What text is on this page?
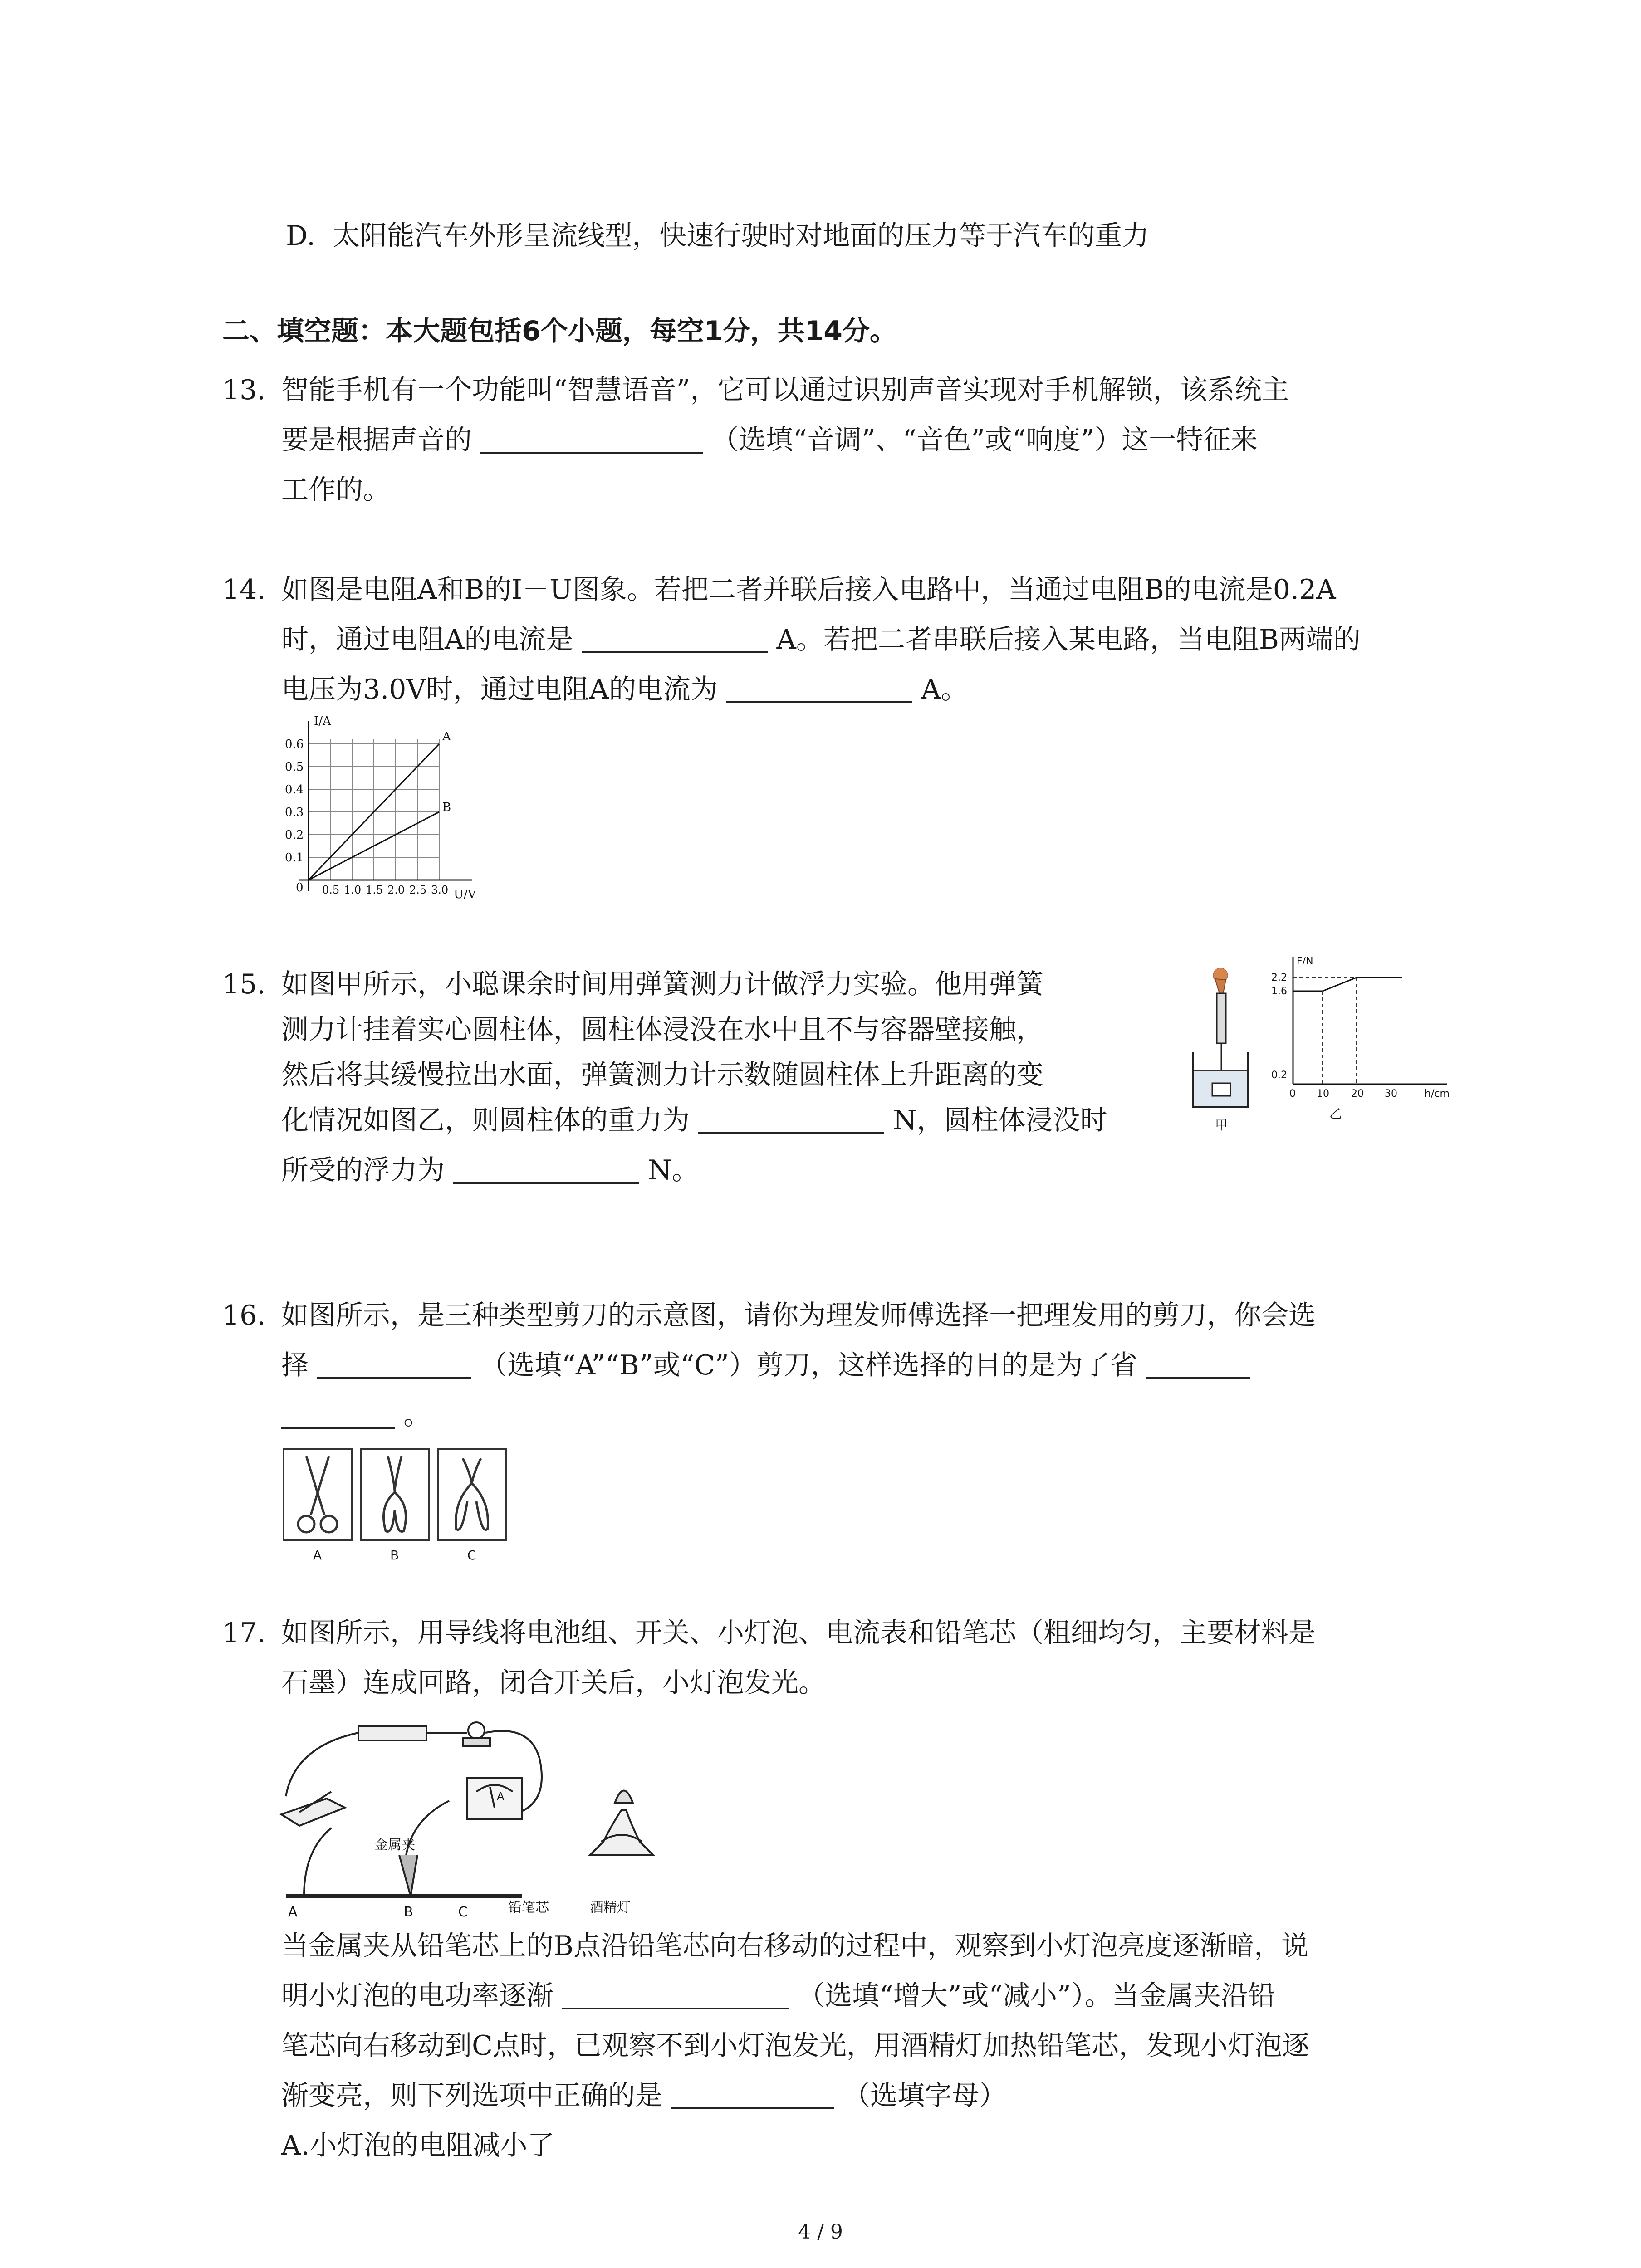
D. 太阳能汽车外形呈流线型，快速行驶时对地面的压力等于汽车的重力
二、填空题：本大题包括6个小题，每空1分，共14分。
13. 智能手机有一个功能叫“智慧语音”，它可以通过识别声音实现对手机解锁，该系统主
要是根据声音的	（选填“音调”、“音色”或“响度”）这一特征来
工作的。
14. 如图是电阻A和B的I－U图象。若把二者并联后接入电路中，当通过电阻B的电流是0.2A
时，通过电阻A的电流是	A。若把二者串联后接入某电路，当电阻B两端的
电压为3.0V时，通过电阻A的电流为	A。
I/A
A
B
0	U/V
0.1
0.2
0.3
0.4
0.5
0.6
0.5 1.0 1.5 2.0 2.5 3.0
15. 如图甲所示，小聪课余时间用弹簧测力计做浮力实验。他用弹簧
测力计挂着实心圆柱体，圆柱体浸没在水中且不与容器壁接触，
然后将其缓慢拉出水面，弹簧测力计示数随圆柱体上升距离的变
化情况如图乙，则圆柱体的重力为	N，圆柱体浸没时
所受的浮力为	N。
甲
F/N
0.2
1.6
2.2
0 10 20 30	h/cm
乙
16. 如图所示，是三种类型剪刀的示意图，请你为理发师傅选择一把理发用的剪刀，你会选
择	（选填“A”“B”或“C”）剪刀，这样选择的目的是为了省
。
A	B	C
17. 如图所示，用导线将电池组、开关、小灯泡、电流表和铅笔芯（粗细均匀，主要材料是
石墨）连成回路，闭合开关后，小灯泡发光。
A
金属夹
A	B	C	铅笔芯	酒精灯
当金属夹从铅笔芯上的B点沿铅笔芯向右移动的过程中，观察到小灯泡亮度逐渐暗，说
明小灯泡的电功率逐渐	（选填“增大”或“减小”）。当金属夹沿铅
笔芯向右移动到C点时，已观察不到小灯泡发光，用酒精灯加热铅笔芯，发现小灯泡逐
渐变亮，则下列选项中正确的是	（选填字母）
A.小灯泡的电阻减小了
4 / 9
